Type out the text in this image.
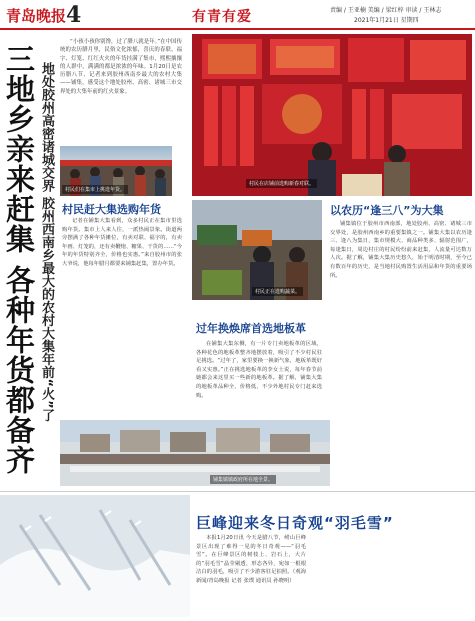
青岛晚报 4	有青有爱	责编 / 王亚楠 美编 / 梁红梓 审读 / 王林志
2021年1月21日 星期四
三地乡亲来赶集 各种年货都备齐 地处胶州高密诸城交界 胶州西南乡最大的农村大集年前“火”了
“小孩小孩你别馋，过了腊八就是年。”在中国传统的农历腊月里，民俗文化浓郁，喜庆的春联、福字、灯笼、红红火火的年货挂满了集市，熙熙攘攘的人群中，满满的都是浓浓的年味。1月20日是农历腊八节，记者来到胶州西南乡最大的农村大集——铺集，感受这个地处胶州、高密、诸城三市交界处的大集年前的红火景象。
村民们在集市上挑选年货。
村民在店铺前选购新春对联。
村民赶大集选购年货
记者在铺集大集看到，众多村民正在集市里选购年货。集市上人来人往，一派热闹景象。街道两旁摆满了各种年货摊位，有卖对联、福字的，有卖年画、灯笼的，还有卖鞭炮、糖果、干货的……“今年的年货特别齐全，价格也实惠。”来自胶州市的张大爷说，他每年腊月都要来铺集赶集，置办年货。
村民正在选购蔬菜。
以农历“逢三八”为大集
铺集镇位于胶州市西南部，地处胶州、高密、诸城三市交界处，是胶州西南乡的重要集镇之一。铺集大集以农历逢三、逢八为集日，集市规模大、商品种类多、辐射范围广，每逢集日，周边村庄的村民纷纷前来赶集，人流量可达数万人次。据了解，铺集大集历史悠久，始于明清时期，至今已有数百年的历史，是当地村民购置生活用品和年货的重要场所。
过年换焕席首选地板革
在铺集大集东侧，有一片专门卖地板革的区域，各种花色的地板革整齐地摆放着，吸引了不少村民驻足挑选。“过年了，家里要换一换新气象，地板革既好看又实惠。”正在挑选地板革的李女士说，每年春节前她都会来这里买一些新的地板革。据了解，铺集大集的地板革品种全、价格低，不少外地村民专门赶来选购。
铺集镇镇政府所在地全景。
巨峰迎来冬日奇观“羽毛雪”
本报1月20日讯 今天是腊八节，崂山巨峰景区出现了难得一见的冬日奇观——“羽毛雪”。在巨峰景区的树枝上、岩石上，大片的“羽毛雪”晶莹剔透、形态各异，宛如一根根洁白的羽毛，吸引了不少游客驻足拍照。（观海新闻/青岛晚报 记者 张璞 通讯员 孙晓明）
